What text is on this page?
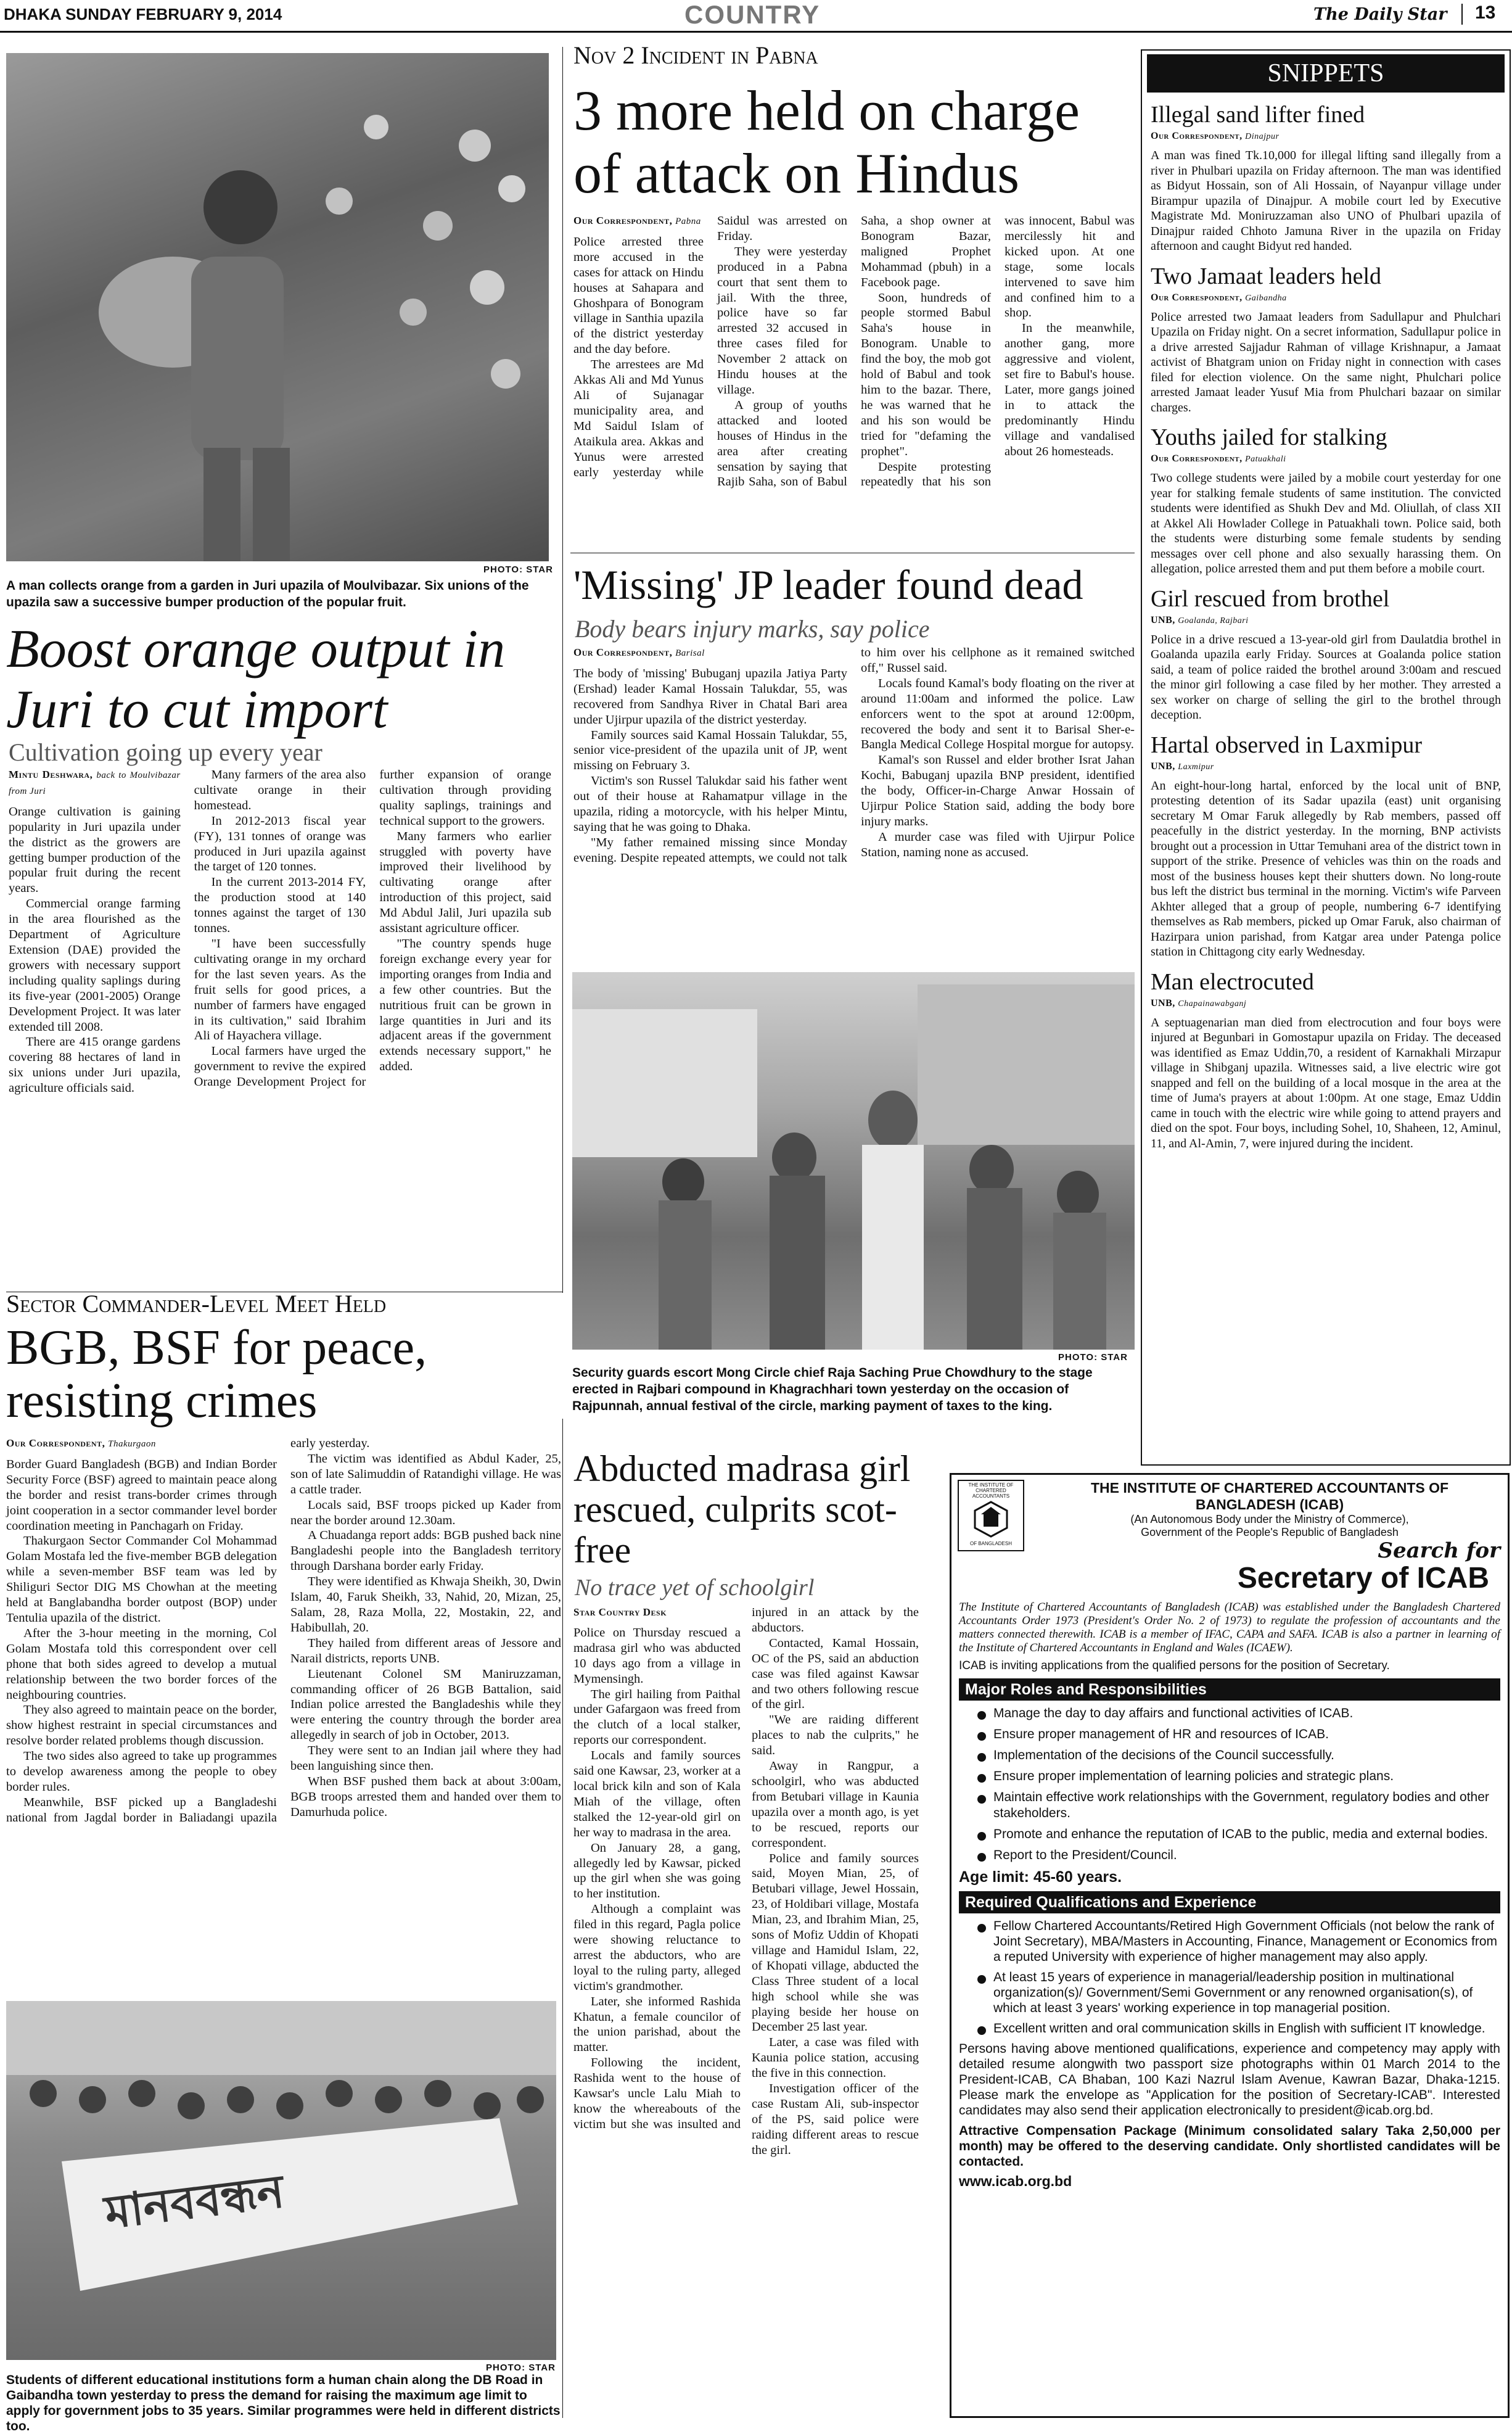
DHAKA SUNDAY FEBRUARY 9, 2014	COUNTRY	The Daily Star 13
PHOTO: STAR
A man collects orange from a garden in Juri upazila of Moulvibazar. Six unions of the upazila saw a successive bumper production of the popular fruit.
Boost orange output in Juri to cut import
Cultivation going up every year
Mintu Deshwara, back to Moulvibazar from Juri

Orange cultivation is gaining popularity in Juri upazila under the district as the growers are getting bumper production of the popular fruit during the recent years.

Commercial orange farming in the area flourished as the Department of Agriculture Extension (DAE) provided the growers with necessary support including quality saplings during its five-year (2001-2005) Orange Development Project. It was later extended till 2008.

There are 415 orange gardens covering 88 hectares of land in six unions under Juri upazila, agriculture officials said.

Many farmers of the area also cultivate orange in their homestead.

In 2012-2013 fiscal year (FY), 131 tonnes of orange was produced in Juri upazila against the target of 120 tonnes.

In the current 2013-2014 FY, the production stood at 140 tonnes against the target of 130 tonnes.

"I have been successfully cultivating orange in my orchard for the last seven years. As the fruit sells for good prices, a number of farmers have engaged in its cultivation," said Ibrahim Ali of Hayachera village.

Local farmers have urged the government to revive the expired Orange Development Project for further expansion of orange cultivation through providing quality saplings, trainings and technical support to the growers.

Many farmers who earlier struggled with poverty have improved their livelihood by cultivating orange after introduction of this project, said Md Abdul Jalil, Juri upazila sub assistant agriculture officer.

"The country spends huge foreign exchange every year for importing oranges from India and a few other countries. But the nutritious fruit can be grown in large quantities in Juri and its adjacent areas if the government extends necessary support," he added.

Nov 2 Incident in Pabna
3 more held on charge of attack on Hindus
Our Correspondent, Pabna

Police arrested three more accused in the cases for attack on Hindu houses at Sahapara and Ghoshpara of Bonogram village in Santhia upazila of the district yesterday and the day before.

The arrestees are Md Akkas Ali and Md Yunus Ali of Sujanagar municipality area, and Md Saidul Islam of Ataikula area. Akkas and Yunus were arrested early yesterday while Saidul was arrested on Friday.

They were yesterday produced in a Pabna court that sent them to jail. With the three, police have so far arrested 32 accused in three cases filed for November 2 attack on Hindu houses at the village.

A group of youths attacked and looted houses of Hindus in the area after creating sensation by saying that Rajib Saha, son of Babul Saha, a shop owner at Bonogram Bazar, maligned Prophet Mohammad (pbuh) in a Facebook page.

Soon, hundreds of people stormed Babul Saha's house in Bonogram. Unable to find the boy, the mob got hold of Babul and took him to the bazar. There, he was warned that he and his son would be tried for "defaming the prophet".

Despite protesting repeatedly that his son was innocent, Babul was mercilessly hit and kicked upon. At one stage, some locals intervened to save him and confined him to a shop.

In the meanwhile, another gang, more aggressive and violent, set fire to Babul's house. Later, more gangs joined in to attack the predominantly Hindu village and vandalised about 26 homesteads.

'Missing' JP leader found dead
Body bears injury marks, say police
Our Correspondent, Barisal

The body of 'missing' Bubuganj upazila Jatiya Party (Ershad) leader Kamal Hossain Talukdar, 55, was recovered from Sandhya River in Chatal Bari area under Ujirpur upazila of the district yesterday.

Family sources said Kamal Hossain Talukdar, 55, senior vice-president of the upazila unit of JP, went missing on February 3.

Victim's son Russel Talukdar said his father went out of their house at Rahamatpur village in the upazila, riding a motorcycle, with his helper Mintu, saying that he was going to Dhaka.

"My father remained missing since Monday evening. Despite repeated attempts, we could not talk to him over his cellphone as it remained switched off," Russel said.

Locals found Kamal's body floating on the river at around 11:00am and informed the police. Law enforcers went to the spot at around 12:00pm, recovered the body and sent it to Barisal Sher-e-Bangla Medical College Hospital morgue for autopsy.

Kamal's son Russel and elder brother Israt Jahan Kochi, Babuganj upazila BNP president, identified the body, Officer-in-Charge Anwar Hossain of Ujirpur Police Station said, adding the body bore injury marks.

A murder case was filed with Ujirpur Police Station, naming none as accused.

PHOTO: STAR
Security guards escort Mong Circle chief Raja Saching Prue Chowdhury to the stage erected in Rajbari compound in Khagrachhari town yesterday on the occasion of Rajpunnah, annual festival of the circle, marking payment of taxes to the king.
SNIPPETS
Illegal sand lifter fined
Our Correspondent, Dinajpur

A man was fined Tk.10,000 for illegal lifting sand illegally from a river in Phulbari upazila on Friday afternoon. The man was identified as Bidyut Hossain, son of Ali Hossain, of Nayanpur village under Birampur upazila of Dinajpur. A mobile court led by Executive Magistrate Md. Moniruzzaman also UNO of Phulbari upazila of Dinajpur raided Chhoto Jamuna River in the upazila on Friday afternoon and caught Bidyut red handed.

Two Jamaat leaders held
Our Correspondent, Gaibandha

Police arrested two Jamaat leaders from Sadullapur and Phulchari Upazila on Friday night. On a secret information, Sadullapur police in a drive arrested Sajjadur Rahman of village Krishnapur, a Jamaat activist of Bhatgram union on Friday night in connection with cases filed for election violence. On the same night, Phulchari police arrested Jamaat leader Yusuf Mia from Phulchari bazaar on similar charges.

Youths jailed for stalking
Our Correspondent, Patuakhali

Two college students were jailed by a mobile court yesterday for one year for stalking female students of same institution. The convicted students were identified as Shukh Dev and Md. Oliullah, of class XII at Akkel Ali Howlader College in Patuakhali town. Police said, both the students were disturbing some female students by sending messages over cell phone and also sexually harassing them. On allegation, police arrested them and put them before a mobile court.

Girl rescued from brothel
UNB, Goalanda, Rajbari

Police in a drive rescued a 13-year-old girl from Daulatdia brothel in Goalanda upazila early Friday. Sources at Goalanda police station said, a team of police raided the brothel around 3:00am and rescued the minor girl following a case filed by her mother. They arrested a sex worker on charge of selling the girl to the brothel through deception.

Hartal observed in Laxmipur
UNB, Laxmipur

An eight-hour-long hartal, enforced by the local unit of BNP, protesting detention of its Sadar upazila (east) unit organising secretary M Omar Faruk allegedly by Rab members, passed off peacefully in the district yesterday. In the morning, BNP activists brought out a procession in Uttar Temuhani area of the district town in support of the strike. Presence of vehicles was thin on the roads and most of the business houses kept their shutters down. No long-route bus left the district bus terminal in the morning. Victim's wife Parveen Akhter alleged that a group of people, numbering 6-7 identifying themselves as Rab members, picked up Omar Faruk, also chairman of Hazirpara union parishad, from Katgar area under Patenga police station in Chittagong city early Wednesday.

Man electrocuted
UNB, Chapainawabganj

A septuagenarian man died from electrocution and four boys were injured at Begunbari in Gomostapur upazila on Friday. The deceased was identified as Emaz Uddin,70, a resident of Karnakhali Mirzapur village in Shibganj upazila. Witnesses said, a live electric wire got snapped and fell on the building of a local mosque in the area at the time of Juma's prayers at about 1:00pm. At one stage, Emaz Uddin came in touch with the electric wire while going to attend prayers and died on the spot. Four boys, including Sohel, 10, Shaheen, 12, Aminul, 11, and Al-Amin, 7, were injured during the incident.

Sector Commander-Level Meet Held
BGB, BSF for peace, resisting crimes
Our Correspondent, Thakurgaon

Border Guard Bangladesh (BGB) and Indian Border Security Force (BSF) agreed to maintain peace along the border and resist trans-border crimes through joint cooperation in a sector commander level border coordination meeting in Panchagarh on Friday.

Thakurgaon Sector Commander Col Mohammad Golam Mostafa led the five-member BGB delegation while a seven-member BSF team was led by Shiliguri Sector DIG MS Chowhan at the meeting held at Banglabandha border outpost (BOP) under Tentulia upazila of the district.

After the 3-hour meeting in the morning, Col Golam Mostafa told this correspondent over cell phone that both sides agreed to develop a mutual relationship between the two border forces of the neighbouring countries.

They also agreed to maintain peace on the border, show highest restraint in special circumstances and resolve border related problems though discussion.

The two sides also agreed to take up programmes to develop awareness among the people to obey border rules.

Meanwhile, BSF picked up a Bangladeshi national from Jagdal border in Baliadangi upazila early yesterday.

The victim was identified as Abdul Kader, 25, son of late Salimuddin of Ratandighi village. He was a cattle trader.

Locals said, BSF troops picked up Kader from near the border around 12.30am.

A Chuadanga report adds: BGB pushed back nine Bangladeshi people into the Bangladesh territory through Darshana border early Friday.

They were identified as Khwaja Sheikh, 30, Dwin Islam, 40, Faruk Sheikh, 33, Nahid, 20, Mizan, 25, Salam, 28, Raza Molla, 22, Mostakin, 22, and Habibullah, 20.

They hailed from different areas of Jessore and Narail districts, reports UNB.

Lieutenant Colonel SM Maniruzzaman, commanding officer of 26 BGB Battalion, said Indian police arrested the Bangladeshis while they were entering the country through the border area allegedly in search of job in October, 2013.

They were sent to an Indian jail where they had been languishing since then.

When BSF pushed them back at about 3:00am, BGB troops arrested them and handed over them to Damurhuda police.

মানববন্ধন
PHOTO: STAR
Students of different educational institutions form a human chain along the DB Road in Gaibandha town yesterday to press the demand for raising the maximum age limit to apply for government jobs to 35 years. Similar programmes were held in different districts too.
Abducted madrasa girl rescued, culprits scot-free
No trace yet of schoolgirl
Star Country Desk

Police on Thursday rescued a madrasa girl who was abducted 10 days ago from a village in Mymensingh.

The girl hailing from Paithal under Gafargaon was freed from the clutch of a local stalker, reports our correspondent.

Locals and family sources said one Kawsar, 23, worker at a local brick kiln and son of Kala Miah of the village, often stalked the 12-year-old girl on her way to madrasa in the area.

On January 28, a gang, allegedly led by Kawsar, picked up the girl when she was going to her institution.

Although a complaint was filed in this regard, Pagla police were showing reluctance to arrest the abductors, who are loyal to the ruling party, alleged victim's grandmother.

Later, she informed Rashida Khatun, a female councilor of the union parishad, about the matter.

Following the incident, Rashida went to the house of Kawsar's uncle Lalu Miah to know the whereabouts of the victim but she was insulted and injured in an attack by the abductors.

Contacted, Kamal Hossain, OC of the PS, said an abduction case was filed against Kawsar and two others following rescue of the girl.

"We are raiding different places to nab the culprits," he said.

Away in Rangpur, a schoolgirl, who was abducted from Betubari village in Kaunia upazila over a month ago, is yet to be rescued, reports our correspondent.

Police and family sources said, Moyen Mian, 25, of Betubari village, Jewel Hossain, 23, of Holdibari village, Mostafa Mian, 23, and Ibrahim Mian, 25, sons of Mofiz Uddin of Khopati village and Hamidul Islam, 22, of Khopati village, abducted the Class Three student of a local high school while she was playing beside her house on December 25 last year.

Later, a case was filed with Kaunia police station, accusing the five in this connection.

Investigation officer of the case Rustam Ali, sub-inspector of the PS, said police were raiding different areas to rescue the girl.

THE INSTITUTE OF CHARTERED ACCOUNTANTS
OF BANGLADESH
THE INSTITUTE OF CHARTERED ACCOUNTANTS OF BANGLADESH (ICAB)
(An Autonomous Body under the Ministry of Commerce),
Government of the People's Republic of Bangladesh
Search for
Secretary of ICAB

The Institute of Chartered Accountants of Bangladesh (ICAB) was established under the Bangladesh Chartered Accountants Order 1973 (President's Order No. 2 of 1973) to regulate the profession of accountants and the matters connected therewith. ICAB is a member of IFAC, CAPA and SAFA. ICAB is also a partner in learning of the Institute of Chartered Accountants in England and Wales (ICAEW).

ICAB is inviting applications from the qualified persons for the position of Secretary.

Major Roles and Responsibilities
Manage the day to day affairs and functional activities of ICAB.
Ensure proper management of HR and resources of ICAB.
Implementation of the decisions of the Council successfully.
Ensure proper implementation of learning policies and strategic plans.
Maintain effective work relationships with the Government, regulatory bodies and other stakeholders.
Promote and enhance the reputation of ICAB to the public, media and external bodies.
Report to the President/Council.
Age limit: 45-60 years.
Required Qualifications and Experience
Fellow Chartered Accountants/Retired High Government Officials (not below the rank of Joint Secretary), MBA/Masters in Accounting, Finance, Management or Economics from a reputed University with experience of higher management may also apply.
At least 15 years of experience in managerial/leadership position in multinational organization(s)/ Government/Semi Government or any renowned organisation(s), of which at least 3 years' working experience in top managerial position.
Excellent written and oral communication skills in English with sufficient IT knowledge.

Persons having above mentioned qualifications, experience and competency may apply with detailed resume alongwith two passport size photographs within 01 March 2014 to the President-ICAB, CA Bhaban, 100 Kazi Nazrul Islam Avenue, Kawran Bazar, Dhaka-1215. Please mark the envelope as "Application for the position of Secretary-ICAB". Interested candidates may also send their application electronically to president@icab.org.bd.

Attractive Compensation Package (Minimum consolidated salary Taka 2,50,000 per month) may be offered to the deserving candidate. Only shortlisted candidates will be contacted.

www.icab.org.bd
